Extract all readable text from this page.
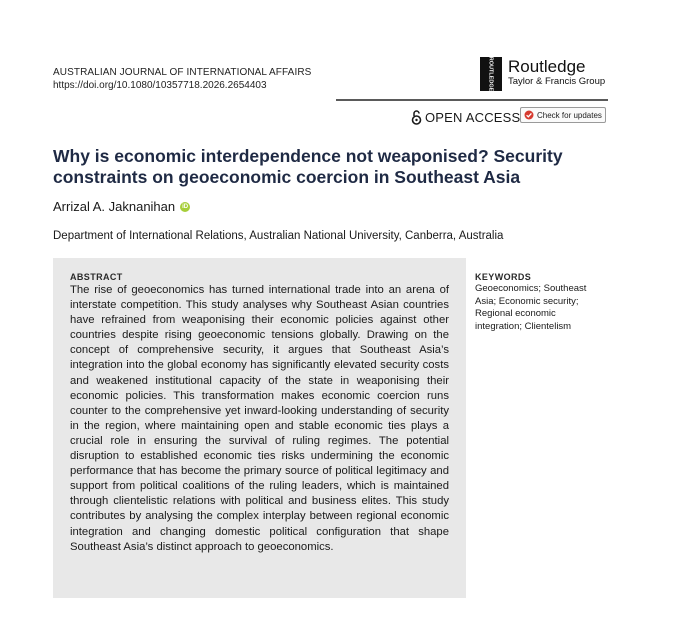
AUSTRALIAN JOURNAL OF INTERNATIONAL AFFAIRS
https://doi.org/10.1080/10357718.2026.2654403	ROUTLEDGE Routledge
Taylor & Francis Group
OPEN ACCESS Check for updates
Why is economic interdependence not weaponised? Security constraints on geoeconomic coercion in Southeast Asia
Arrizal A. Jaknanihan	iD
Department of International Relations, Australian National University, Canberra, Australia
ABSTRACT
The rise of geoeconomics has turned international trade into an arena of interstate competition. This study analyses why Southeast Asian countries have refrained from weaponising their economic policies against other countries despite rising geoeconomic tensions globally. Drawing on the concept of comprehensive security, it argues that Southeast Asia’s integration into the global economy has significantly elevated security costs and weakened institutional capacity of the state in weaponising their economic policies. This transformation makes economic coercion runs counter to the comprehensive yet inward-looking understanding of security in the region, where maintaining open and stable economic ties plays a crucial role in ensuring the survival of ruling regimes. The potential disruption to established economic ties risks undermining the economic performance that has become the primary source of political legitimacy and support from political coalitions of the ruling leaders, which is maintained through clientelistic relations with political and business elites. This study contributes by analysing the complex interplay between regional economic integration and changing domestic political configuration that shape Southeast Asia’s distinct approach to geoeconomics.
KEYWORDS
Geoeconomics; Southeast Asia; Economic security; Regional economic integration; Clientelism
